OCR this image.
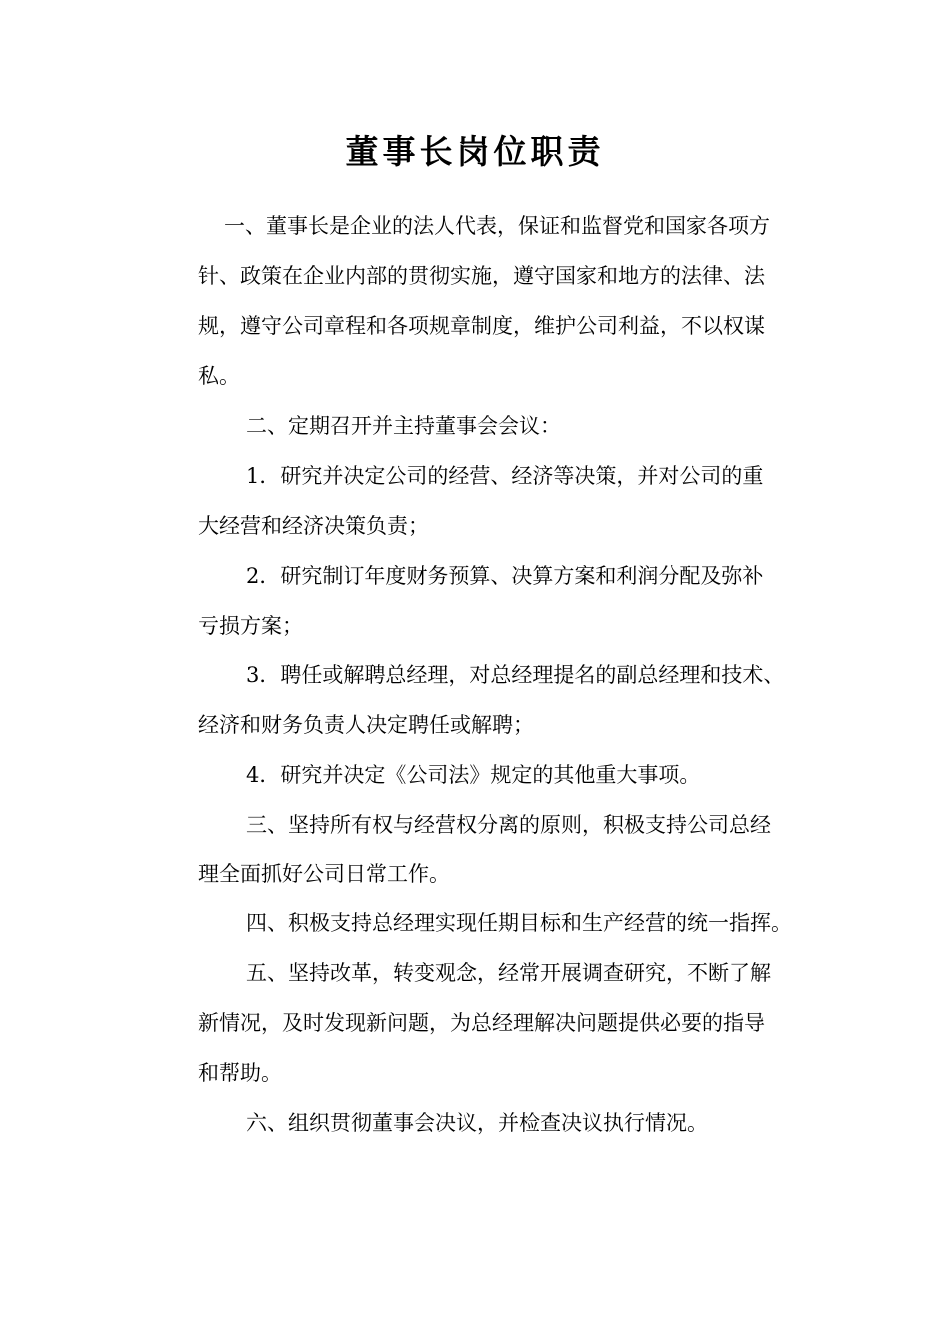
董事长岗位职责
一、董事长是企业的法人代表，保证和监督党和国家各项方
针、政策在企业内部的贯彻实施，遵守国家和地方的法律、法
规，遵守公司章程和各项规章制度，维护公司利益，不以权谋
私。
二、定期召开并主持董事会会议：
1．研究并决定公司的经营、经济等决策，并对公司的重
大经营和经济决策负责；
2．研究制订年度财务预算、决算方案和利润分配及弥补
亏损方案；
3．聘任或解聘总经理，对总经理提名的副总经理和技术、
经济和财务负责人决定聘任或解聘；
4．研究并决定《公司法》规定的其他重大事项。
三、坚持所有权与经营权分离的原则，积极支持公司总经
理全面抓好公司日常工作。
四、积极支持总经理实现任期目标和生产经营的统一指挥。
五、坚持改革，转变观念，经常开展调查研究，不断了解
新情况，及时发现新问题，为总经理解决问题提供必要的指导
和帮助。
六、组织贯彻董事会决议，并检查决议执行情况。
